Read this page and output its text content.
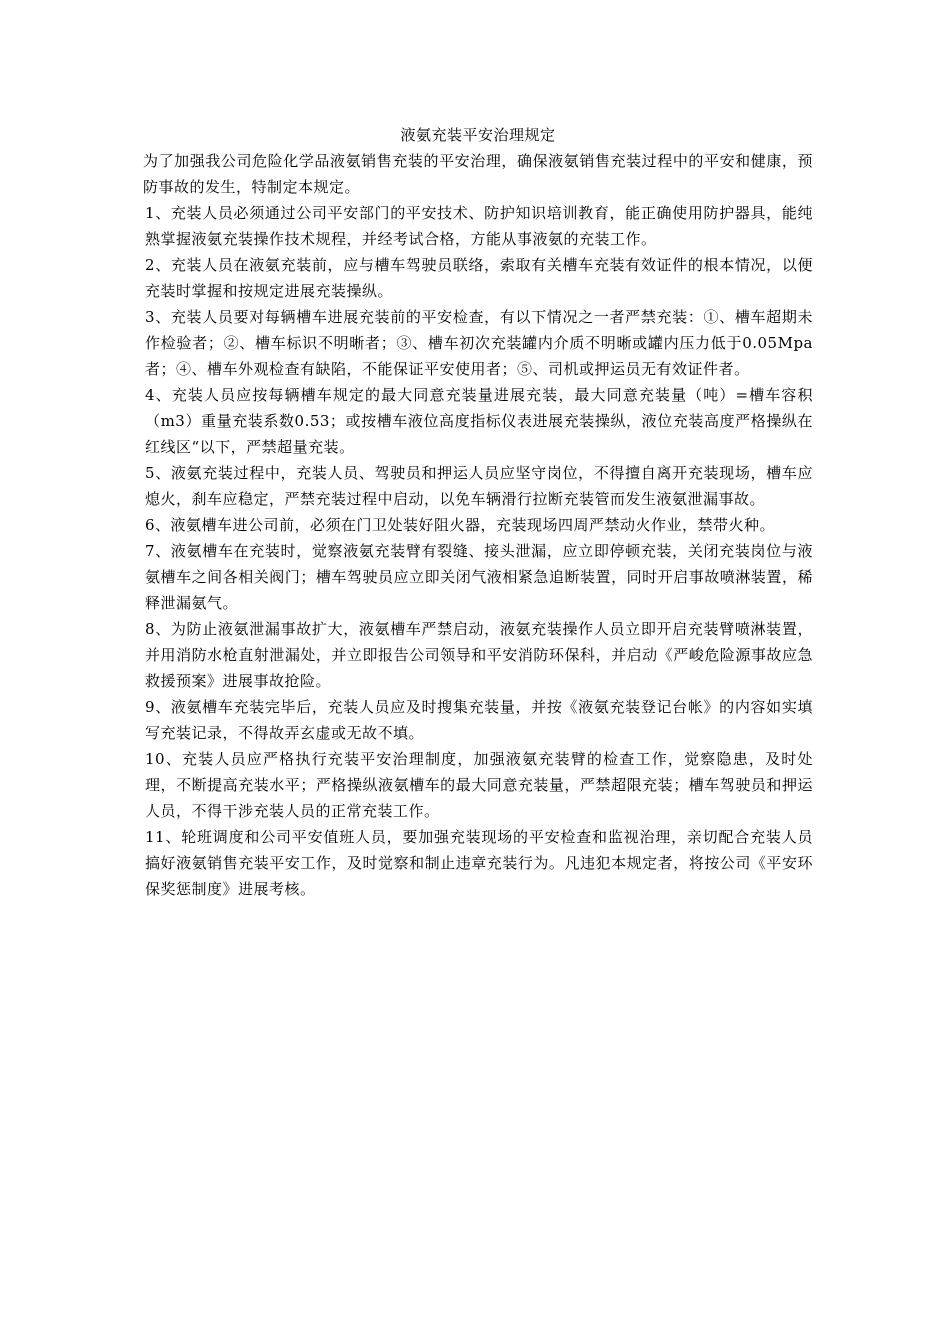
液氨充装平安治理规定

为了加强我公司危险化学品液氨销售充装的平安治理，确保液氨销售充装过程中的平安和健康，预防事故的发生，特制定本规定。

1、充装人员必须通过公司平安部门的平安技术、防护知识培训教育，能正确使用防护器具，能纯熟掌握液氨充装操作技术规程，并经考试合格，方能从事液氨的充装工作。

2、充装人员在液氨充装前，应与槽车驾驶员联络，索取有关槽车充装有效证件的根本情况，以便充装时掌握和按规定进展充装操纵。

3、充装人员要对每辆槽车进展充装前的平安检查，有以下情况之一者严禁充装：①、槽车超期未作检验者；②、槽车标识不明晰者；③、槽车初次充装罐内介质不明晰或罐内压力低于0.05Mpa者；④、槽车外观检查有缺陷，不能保证平安使用者；⑤、司机或押运员无有效证件者。

4、充装人员应按每辆槽车规定的最大同意充装量进展充装，最大同意充装量（吨）=槽车容积（m3）重量充装系数0.53；或按槽车液位高度指标仪表进展充装操纵，液位充装高度严格操纵在红线区“以下，严禁超量充装。

5、液氨充装过程中，充装人员、驾驶员和押运人员应坚守岗位，不得擅自离开充装现场，槽车应熄火，刹车应稳定，严禁充装过程中启动，以免车辆滑行拉断充装管而发生液氨泄漏事故。

6、液氨槽车进公司前，必须在门卫处装好阻火器，充装现场四周严禁动火作业，禁带火种。

7、液氨槽车在充装时，觉察液氨充装臂有裂缝、接头泄漏，应立即停顿充装，关闭充装岗位与液氨槽车之间各相关阀门；槽车驾驶员应立即关闭气液相紧急追断装置，同时开启事故喷淋装置，稀释泄漏氨气。

8、为防止液氨泄漏事故扩大，液氨槽车严禁启动，液氨充装操作人员立即开启充装臂喷淋装置，并用消防水枪直射泄漏处，并立即报告公司领导和平安消防环保科，并启动《严峻危险源事故应急救援预案》进展事故抢险。

9、液氨槽车充装完毕后，充装人员应及时搜集充装量，并按《液氨充装登记台帐》的内容如实填写充装记录，不得故弄玄虚或无故不填。

10、充装人员应严格执行充装平安治理制度，加强液氨充装臂的检查工作，觉察隐患，及时处理，不断提高充装水平；严格操纵液氨槽车的最大同意充装量，严禁超限充装；槽车驾驶员和押运人员，不得干涉充装人员的正常充装工作。

11、轮班调度和公司平安值班人员，要加强充装现场的平安检查和监视治理，亲切配合充装人员搞好液氨销售充装平安工作，及时觉察和制止违章充装行为。凡违犯本规定者，将按公司《平安环保奖惩制度》进展考核。
